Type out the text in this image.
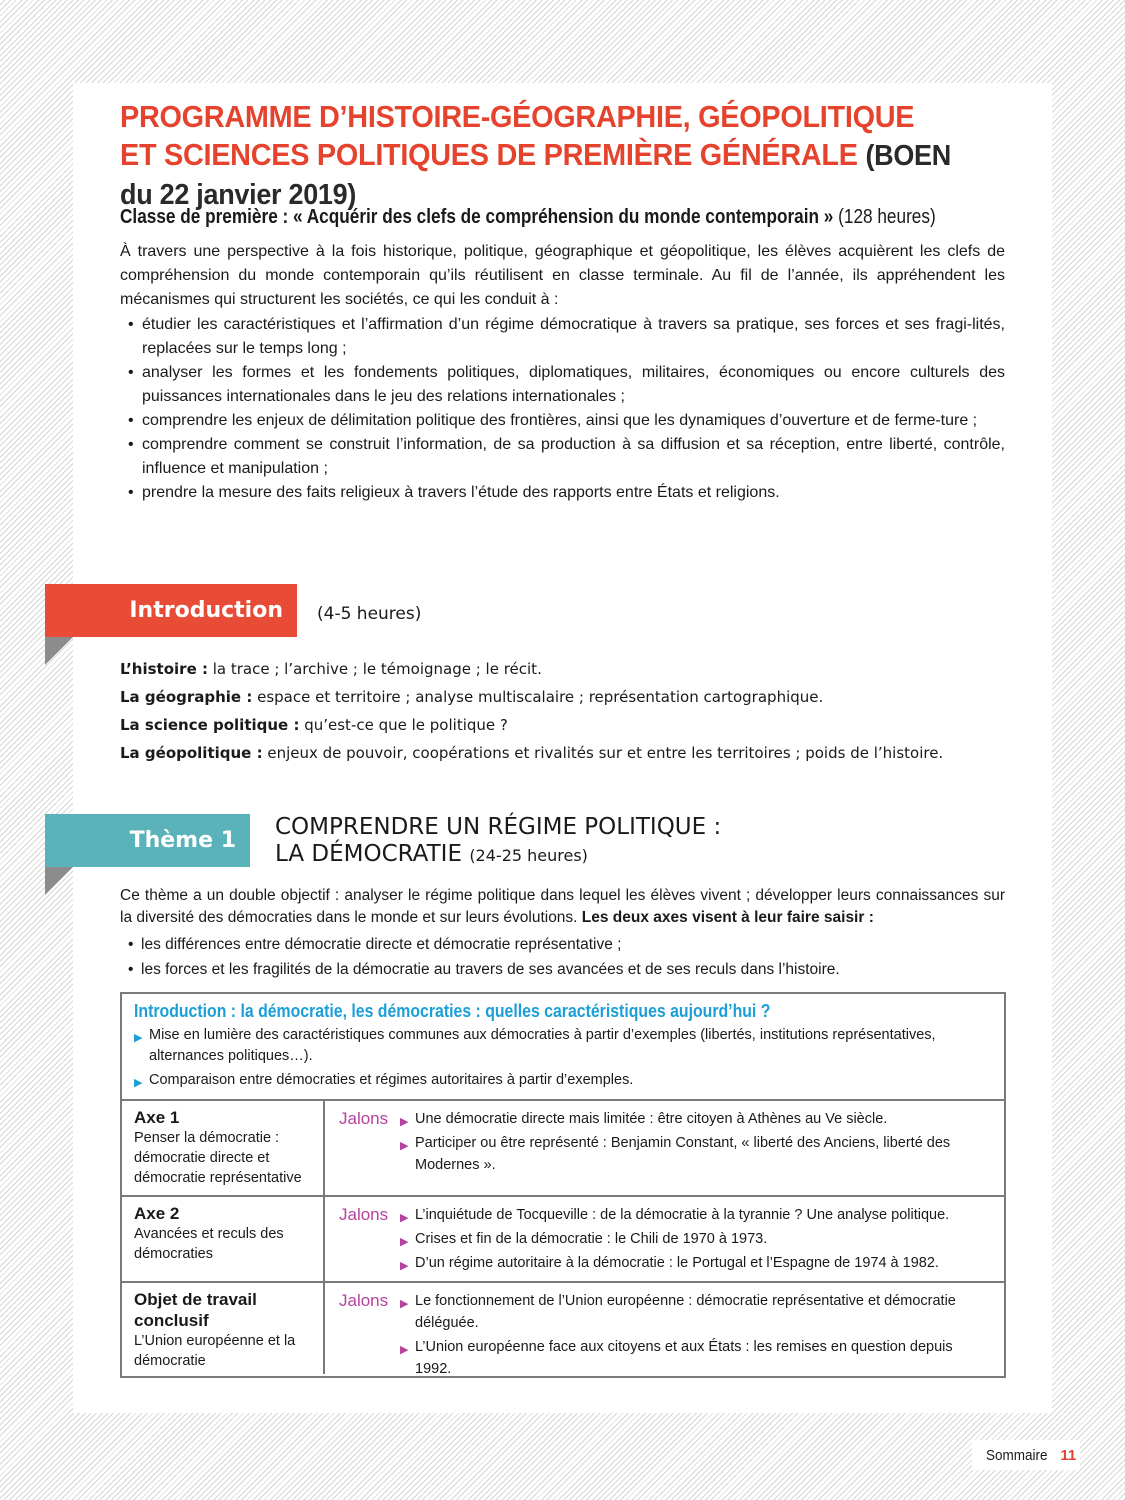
PROGRAMME D’HISTOIRE-GÉOGRAPHIE, GÉOPOLITIQUE ET SCIENCES POLITIQUES DE PREMIÈRE GÉNÉRALE (BOEN du 22 janvier 2019)
Classe de première : « Acquérir des clefs de compréhension du monde contemporain » (128 heures)

À travers une perspective à la fois historique, politique, géographique et géopolitique, les élèves acquièrent les clefs de compréhension du monde contemporain qu’ils réutilisent en classe terminale. Au fil de l’année, ils appréhendent les mécanismes qui structurent les sociétés, ce qui les conduit à :

• étudier les caractéristiques et l’affirmation d’un régime démocratique à travers sa pratique, ses forces et ses fragi-lités, replacées sur le temps long ;
• analyser les formes et les fondements politiques, diplomatiques, militaires, économiques ou encore culturels des puissances internationales dans le jeu des relations internationales ;
• comprendre les enjeux de délimitation politique des frontières, ainsi que les dynamiques d’ouverture et de ferme-ture ;
• comprendre comment se construit l’information, de sa production à sa diffusion et sa réception, entre liberté, contrôle, influence et manipulation ;
• prendre la mesure des faits religieux à travers l’étude des rapports entre États et religions.
Introduction (4-5 heures)
L’histoire : la trace ; l’archive ; le témoignage ; le récit.
La géographie : espace et territoire ; analyse multiscalaire ; représentation cartographique.
La science politique : qu’est-ce que le politique ?
La géopolitique : enjeux de pouvoir, coopérations et rivalités sur et entre les territoires ; poids de l’histoire.
Thème 1
COMPRENDRE UN RÉGIME POLITIQUE :
LA DÉMOCRATIE (24-25 heures)

Ce thème a un double objectif : analyser le régime politique dans lequel les élèves vivent ; développer leurs connaissances sur la diversité des démocraties dans le monde et sur leurs évolutions. Les deux axes visent à leur faire saisir :

• les différences entre démocratie directe et démocratie représentative ;
• les forces et les fragilités de la démocratie au travers de ses avancées et de ses reculs dans l’histoire.
Introduction : la démocratie, les démocraties : quelles caractéristiques aujourd’hui ?
▶ Mise en lumière des caractéristiques communes aux démocraties à partir d’exemples (libertés, institutions représentatives, alternances politiques…).
▶ Comparaison entre démocraties et régimes autoritaires à partir d’exemples.
Axe 1
Penser la démocratie : démocratie directe et démocratie représentative
Jalons	▶ Une démocratie directe mais limitée : être citoyen à Athènes au Ve siècle.
▶ Participer ou être représenté : Benjamin Constant, « liberté des Anciens, liberté des Modernes ».
Axe 2
Avancées et reculs des démocraties
Jalons	▶ L’inquiétude de Tocqueville : de la démocratie à la tyrannie ? Une analyse politique.
▶ Crises et fin de la démocratie : le Chili de 1970 à 1973.
▶ D’un régime autoritaire à la démocratie : le Portugal et l’Espagne de 1974 à 1982.
Objet de travail conclusif
L’Union européenne et la démocratie
Jalons	▶ Le fonctionnement de l’Union européenne : démocratie représentative et démocratie déléguée.
▶ L’Union européenne face aux citoyens et aux États : les remises en question depuis 1992.
Sommaire 11
